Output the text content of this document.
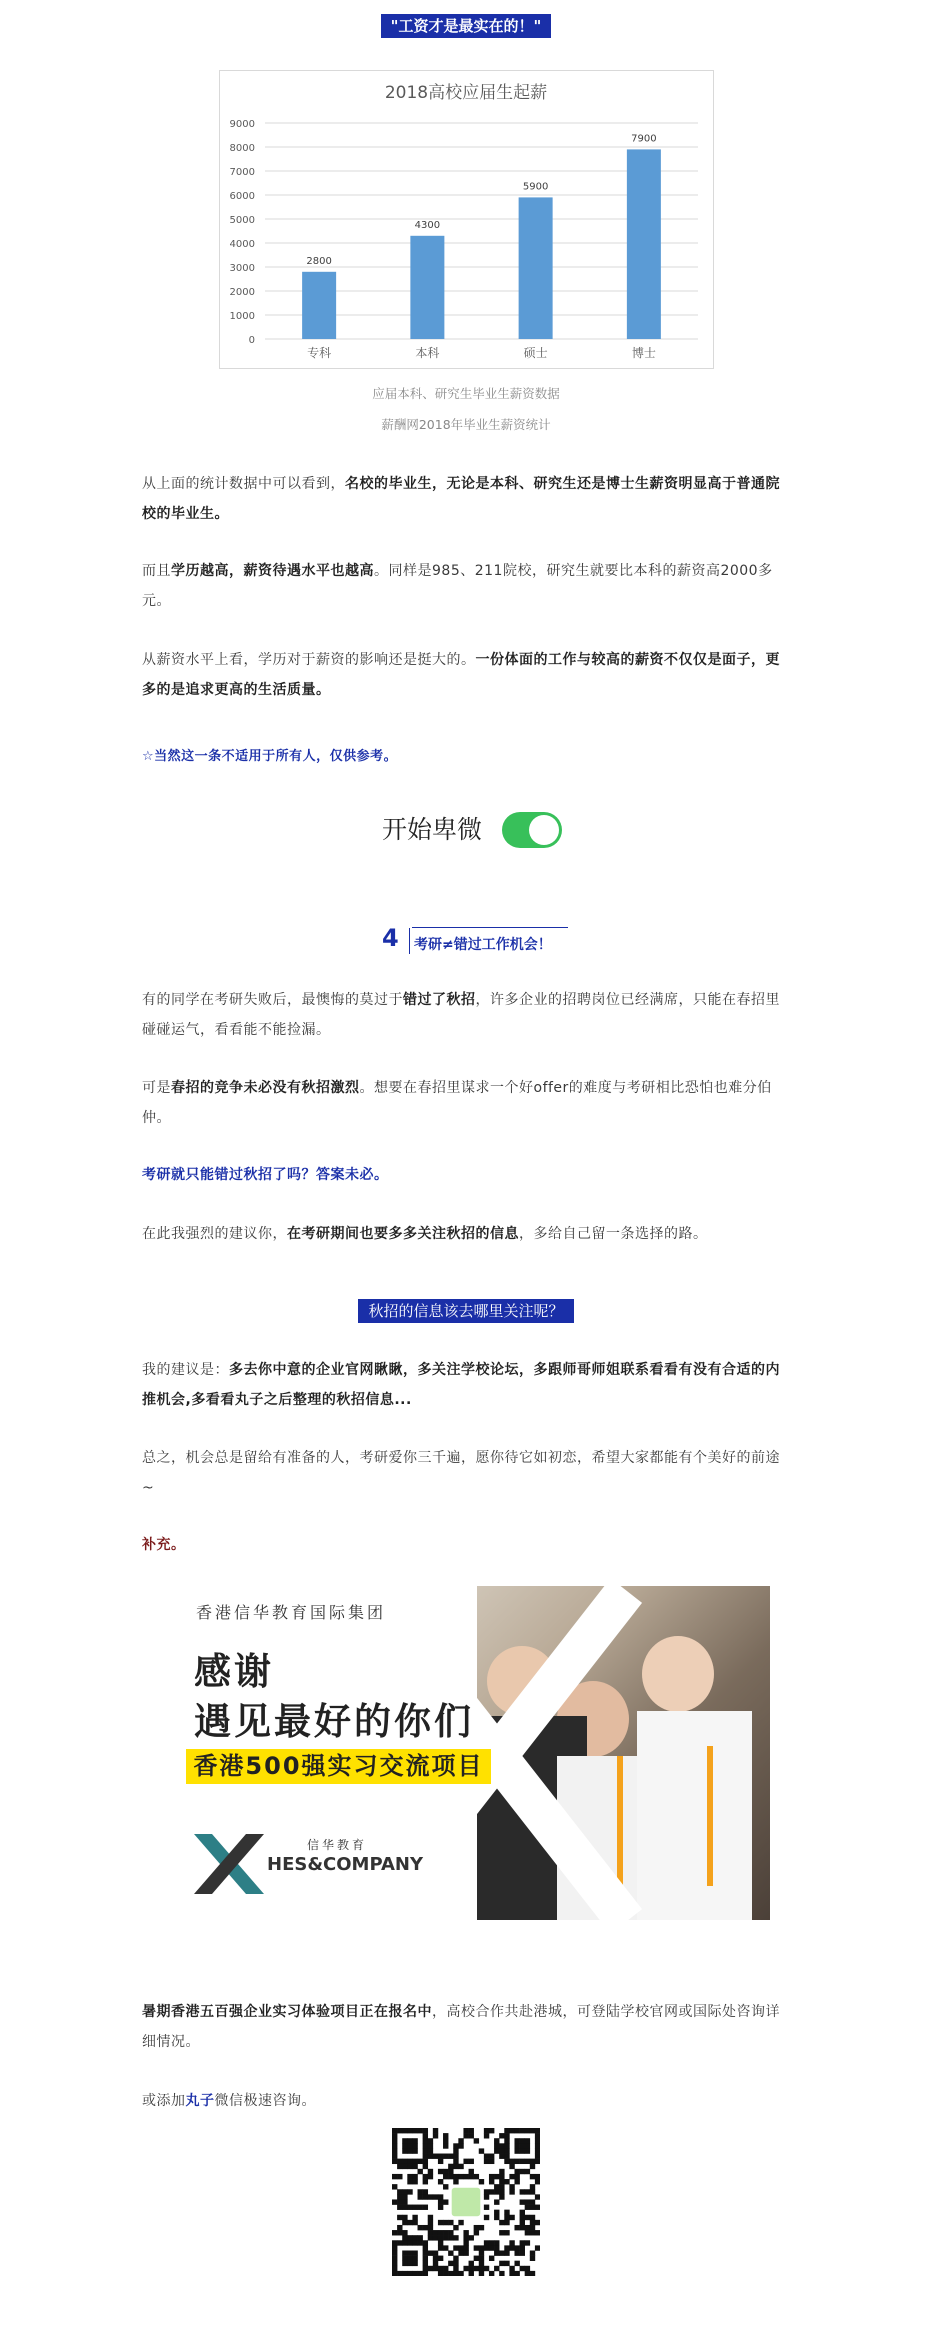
"工资才是最实在的！"
2018高校应届生起薪
0
1000
2000
3000
4000
5000
6000
7000
8000
9000
2800
专科
4300
本科
5900
硕士
7900
博士
应届本科、研究生毕业生薪资数据
薪酬网2018年毕业生薪资统计
从上面的统计数据中可以看到，名校的毕业生，无论是本科、研究生还是博士生薪资明显高于普通院校的毕业生。
而且学历越高，薪资待遇水平也越高。同样是985、211院校，研究生就要比本科的薪资高2000多元。
从薪资水平上看，学历对于薪资的影响还是挺大的。一份体面的工作与较高的薪资不仅仅是面子，更多的是追求更高的生活质量。
☆当然这一条不适用于所有人，仅供参考。
开始卑微
4 考研≠错过工作机会！
有的同学在考研失败后，最懊悔的莫过于错过了秋招，许多企业的招聘岗位已经满席，只能在春招里碰碰运气，看看能不能捡漏。
可是春招的竞争未必没有秋招激烈。想要在春招里谋求一个好offer的难度与考研相比恐怕也难分伯仲。
考研就只能错过秋招了吗？答案未必。
在此我强烈的建议你，在考研期间也要多多关注秋招的信息，多给自己留一条选择的路。
秋招的信息该去哪里关注呢？
我的建议是：多去你中意的企业官网瞅瞅，多关注学校论坛，多跟师哥师姐联系看看有没有合适的内推机会,多看看丸子之后整理的秋招信息...
总之，机会总是留给有准备的人，考研爱你三千遍，愿你待它如初恋，希望大家都能有个美好的前途~
补充。
香港信华教育国际集团
感谢
遇见最好的你们
香港500强实习交流项目
信华教育
HES&COMPANY
暑期香港五百强企业实习体验项目正在报名中，高校合作共赴港城，可登陆学校官网或国际处咨询详细情况。
或添加丸子微信极速咨询。
